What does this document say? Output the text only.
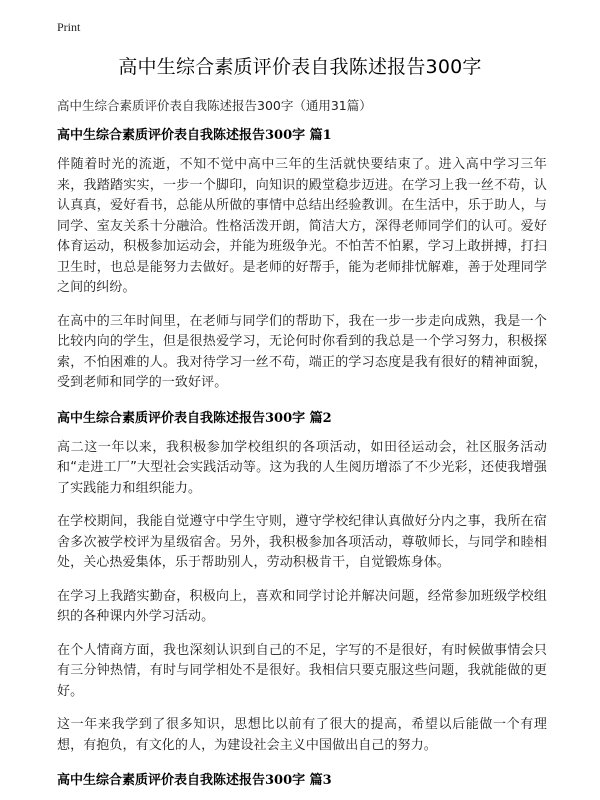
Print
高中生综合素质评价表自我陈述报告300字
高中生综合素质评价表自我陈述报告300字（通用31篇）
高中生综合素质评价表自我陈述报告300字 篇1

伴随着时光的流逝，不知不觉中高中三年的生活就快要结束了。进入高中学习三年来，我踏踏实实，一步一个脚印，向知识的殿堂稳步迈进。在学习上我一丝不苟，认认真真，爱好看书，总能从所做的事情中总结出经验教训。在生活中，乐于助人，与同学、室友关系十分融洽。性格活泼开朗，简洁大方，深得老师同学们的认可。爱好体育运动，积极参加运动会，并能为班级争光。不怕苦不怕累，学习上敢拼搏，打扫卫生时，也总是能努力去做好。是老师的好帮手，能为老师排忧解难，善于处理同学之间的纠纷。

在高中的三年时间里，在老师与同学们的帮助下，我在一步一步走向成熟，我是一个比较内向的学生，但是很热爱学习，无论何时你看到的我总是一个学习努力，积极探索，不怕困难的人。我对待学习一丝不苟，端正的学习态度是我有很好的精神面貌，受到老师和同学的一致好评。

高中生综合素质评价表自我陈述报告300字 篇2

高二这一年以来，我积极参加学校组织的各项活动，如田径运动会，社区服务活动和“走进工厂”大型社会实践活动等。这为我的人生阅历增添了不少光彩，还使我增强了实践能力和组织能力。

在学校期间，我能自觉遵守中学生守则，遵守学校纪律认真做好分内之事，我所在宿舍多次被学校评为星级宿舍。另外，我积极参加各项活动，尊敬师长，与同学和睦相处，关心热爱集体，乐于帮助别人，劳动积极肯干，自觉锻炼身体。

在学习上我踏实勤奋，积极向上，喜欢和同学讨论并解决问题，经常参加班级学校组织的各种课内外学习活动。

在个人情商方面，我也深刻认识到自己的不足，字写的不是很好，有时候做事情会只有三分钟热情，有时与同学相处不是很好。我相信只要克服这些问题，我就能做的更好。

这一年来我学到了很多知识，思想比以前有了很大的提高，希望以后能做一个有理想，有抱负，有文化的人，为建设社会主义中国做出自己的努力。

高中生综合素质评价表自我陈述报告300字 篇3
